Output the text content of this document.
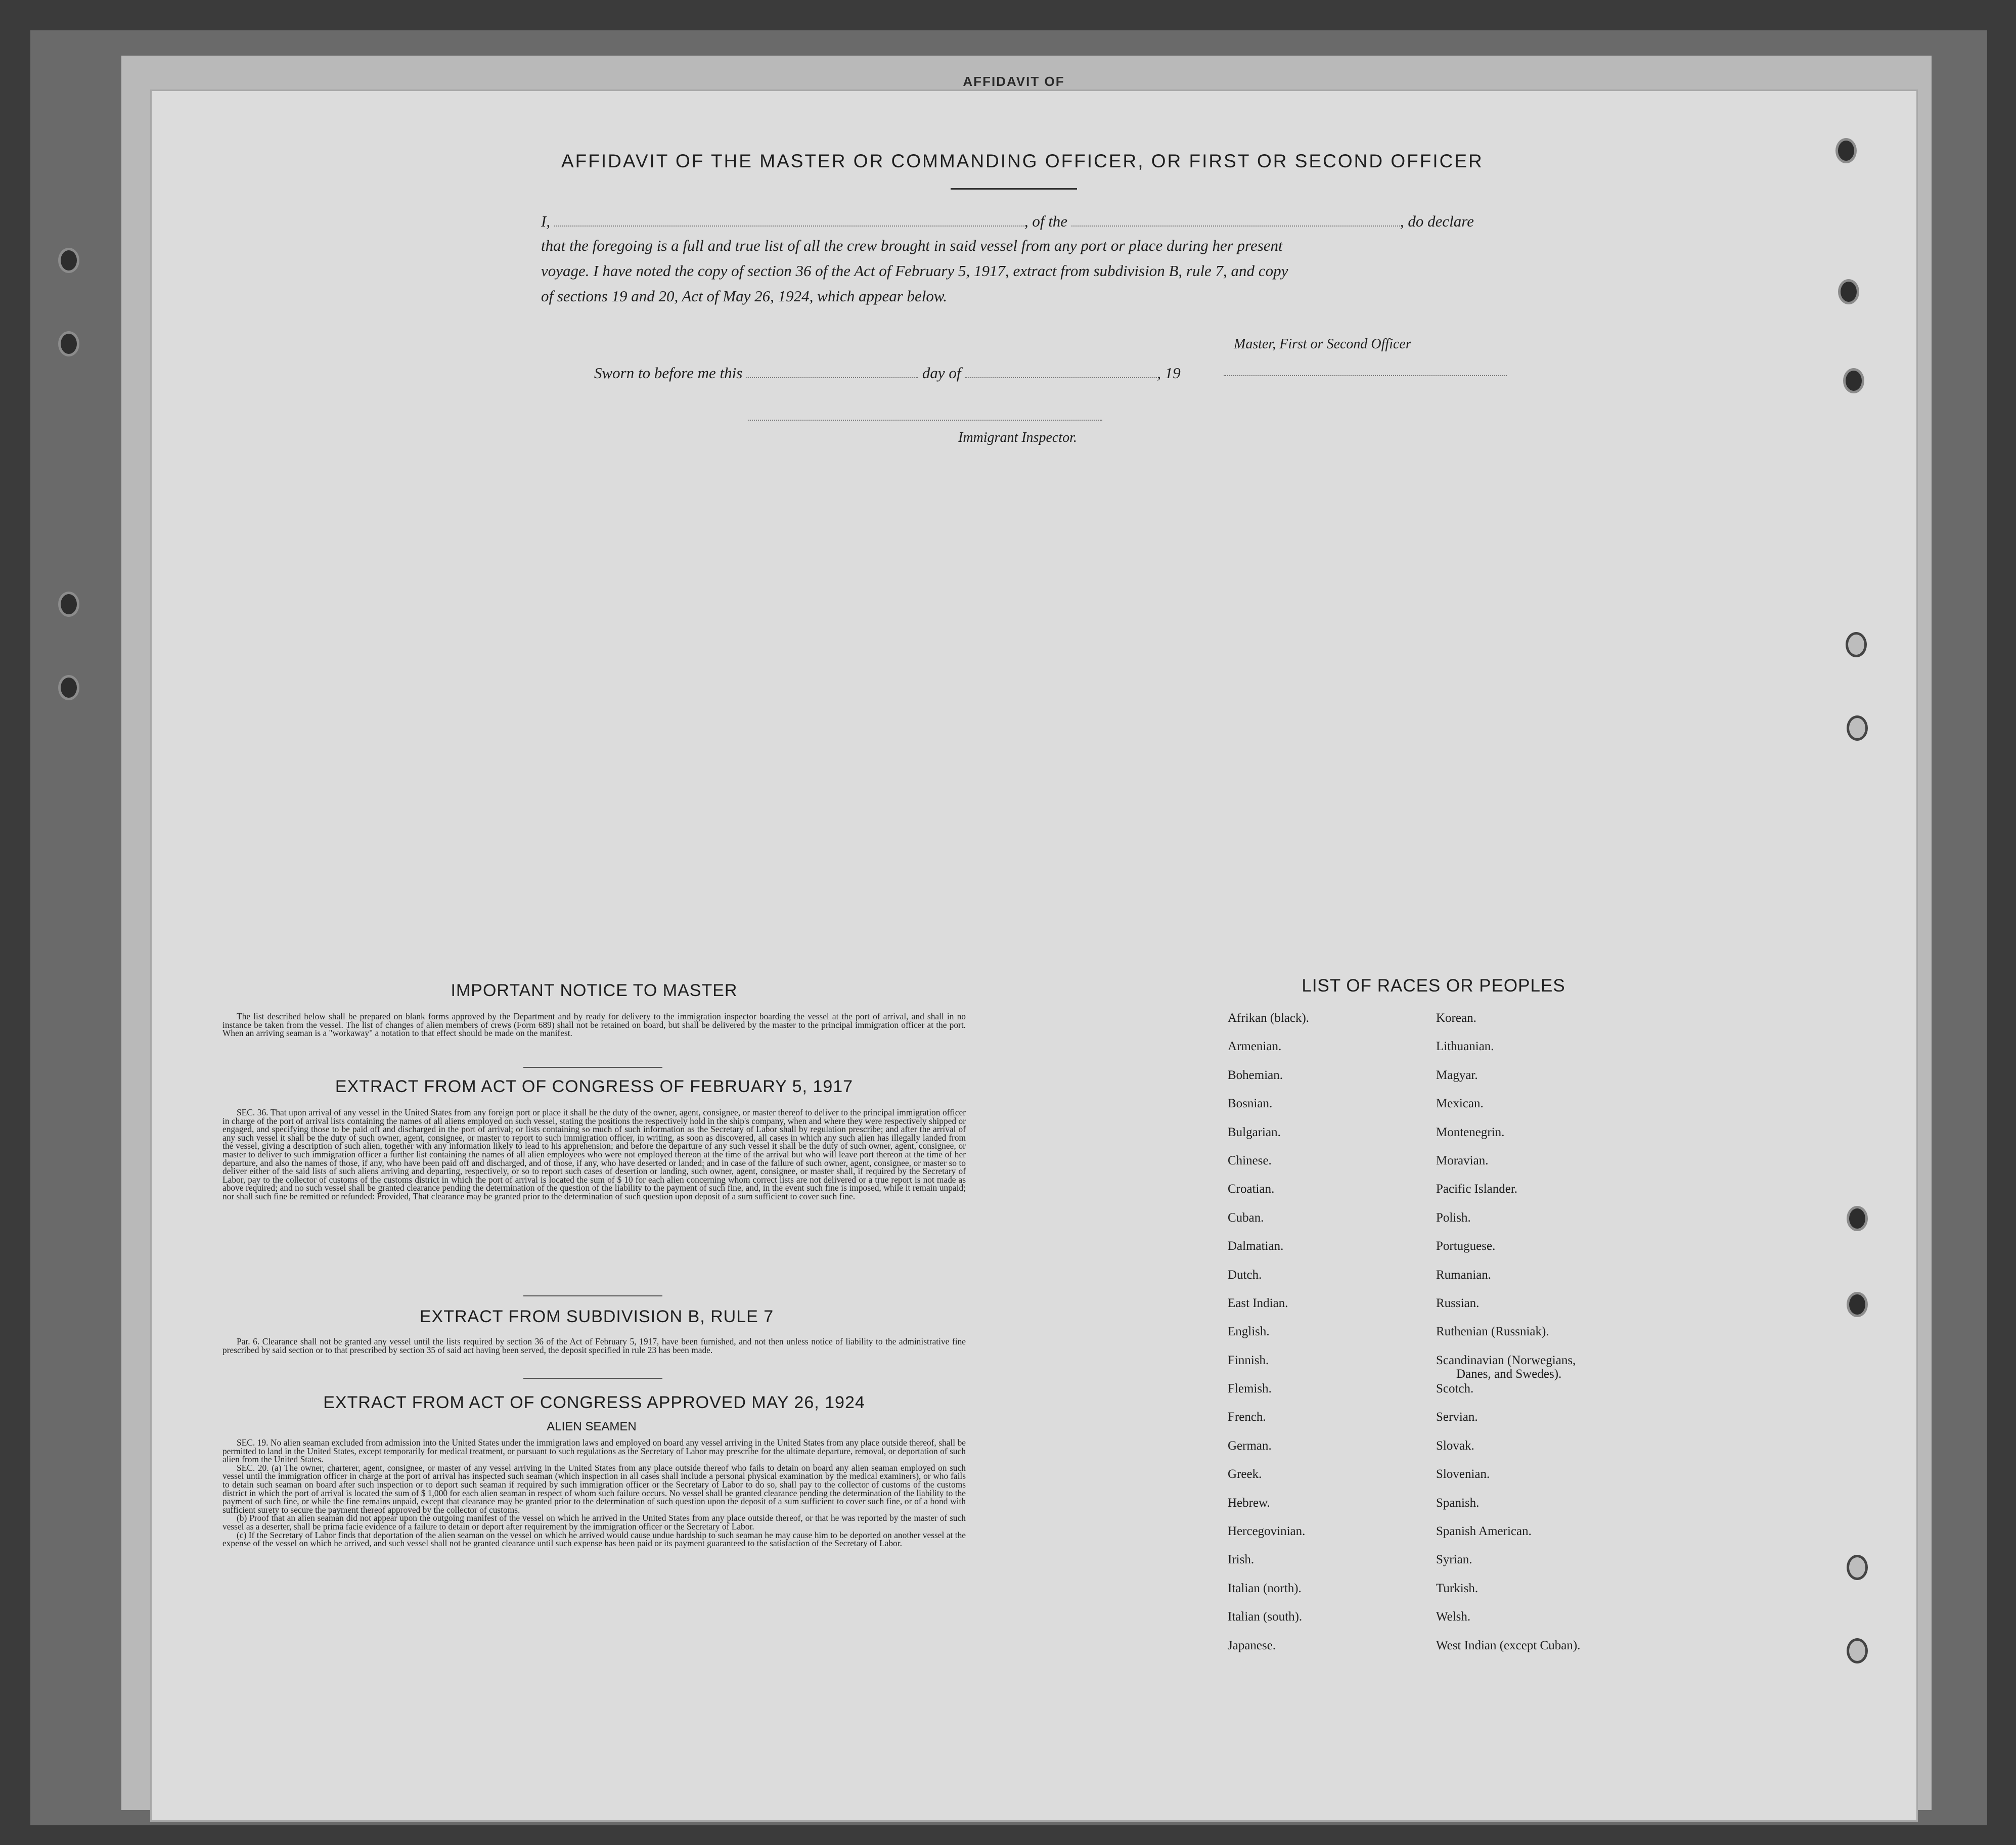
AFFIDAVIT OF
AFFIDAVIT OF THE MASTER OR COMMANDING OFFICER, OR FIRST OR SECOND OFFICER
I,	, of the	, do declare
that the foregoing is a full and true list of all the crew brought in said vessel from any port or place during her present
voyage. I have noted the copy of section 36 of the Act of February 5, 1917, extract from subdivision B, rule 7, and copy
of sections 19 and 20, Act of May 26, 1924, which appear below.
Master, First or Second Officer
Sworn to before me this	day of	, 19
Immigrant Inspector.
IMPORTANT NOTICE TO MASTER

The list described below shall be prepared on blank forms approved by the Department and by ready for delivery to the immigration inspector boarding the vessel at the port of arrival, and shall in no instance be taken from the vessel. The list of changes of alien members of crews (Form 689) shall not be retained on board, but shall be delivered by the master to the principal immigration officer at the port. When an arriving seaman is a "workaway" a notation to that effect should be made on the manifest.

EXTRACT FROM ACT OF CONGRESS OF FEBRUARY 5, 1917

SEC. 36. That upon arrival of any vessel in the United States from any foreign port or place it shall be the duty of the owner, agent, consignee, or master thereof to deliver to the principal immigration officer in charge of the port of arrival lists containing the names of all aliens employed on such vessel, stating the positions the respectively hold in the ship's company, when and where they were respectively shipped or engaged, and specifying those to be paid off and discharged in the port of arrival; or lists containing so much of such information as the Secretary of Labor shall by regulation prescribe; and after the arrival of any such vessel it shall be the duty of such owner, agent, consignee, or master to report to such immigration officer, in writing, as soon as discovered, all cases in which any such alien has illegally landed from the vessel, giving a description of such alien, together with any information likely to lead to his apprehension; and before the departure of any such vessel it shall be the duty of such owner, agent, consignee, or master to deliver to such immigration officer a further list containing the names of all alien employees who were not employed thereon at the time of the arrival but who will leave port thereon at the time of her departure, and also the names of those, if any, who have been paid off and discharged, and of those, if any, who have deserted or landed; and in case of the failure of such owner, agent, consignee, or master so to deliver either of the said lists of such aliens arriving and departing, respectively, or so to report such cases of desertion or landing, such owner, agent, consignee, or master shall, if required by the Secretary of Labor, pay to the collector of customs of the customs district in which the port of arrival is located the sum of $ 10 for each alien concerning whom correct lists are not delivered or a true report is not made as above required; and no such vessel shall be granted clearance pending the determination of the question of the liability to the payment of such fine, and, in the event such fine is imposed, while it remain unpaid; nor shall such fine be remitted or refunded: Provided, That clearance may be granted prior to the determination of such question upon deposit of a sum sufficient to cover such fine.

EXTRACT FROM SUBDIVISION B, RULE 7

Par. 6. Clearance shall not be granted any vessel until the lists required by section 36 of the Act of February 5, 1917, have been furnished, and not then unless notice of liability to the administrative fine prescribed by said section or to that prescribed by section 35 of said act having been served, the deposit specified in rule 23 has been made.

EXTRACT FROM ACT OF CONGRESS APPROVED MAY 26, 1924
ALIEN SEAMEN

SEC. 19. No alien seaman excluded from admission into the United States under the immigration laws and employed on board any vessel arriving in the United States from any place outside thereof, shall be permitted to land in the United States, except temporarily for medical treatment, or pursuant to such regulations as the Secretary of Labor may prescribe for the ultimate departure, removal, or deportation of such alien from the United States.

SEC. 20. (a) The owner, charterer, agent, consignee, or master of any vessel arriving in the United States from any place outside thereof who fails to detain on board any alien seaman employed on such vessel until the immigration officer in charge at the port of arrival has inspected such seaman (which inspection in all cases shall include a personal physical examination by the medical examiners), or who fails to detain such seaman on board after such inspection or to deport such seaman if required by such immigration officer or the Secretary of Labor to do so, shall pay to the collector of customs of the customs district in which the port of arrival is located the sum of $ 1,000 for each alien seaman in respect of whom such failure occurs. No vessel shall be granted clearance pending the determination of the liability to the payment of such fine, or while the fine remains unpaid, except that clearance may be granted prior to the determination of such question upon the deposit of a sum sufficient to cover such fine, or of a bond with sufficient surety to secure the payment thereof approved by the collector of customs.

(b) Proof that an alien seaman did not appear upon the outgoing manifest of the vessel on which he arrived in the United States from any place outside thereof, or that he was reported by the master of such vessel as a deserter, shall be prima facie evidence of a failure to detain or deport after requirement by the immigration officer or the Secretary of Labor.

(c) If the Secretary of Labor finds that deportation of the alien seaman on the vessel on which he arrived would cause undue hardship to such seaman he may cause him to be deported on another vessel at the expense of the vessel on which he arrived, and such vessel shall not be granted clearance until such expense has been paid or its payment guaranteed to the satisfaction of the Secretary of Labor.

LIST OF RACES OR PEOPLES
Afrikan (black).
Armenian.
Bohemian.
Bosnian.
Bulgarian.
Chinese.
Croatian.
Cuban.
Dalmatian.
Dutch.
East Indian.
English.
Finnish.
Flemish.
French.
German.
Greek.
Hebrew.
Hercegovinian.
Irish.
Italian (north).
Italian (south).
Japanese.
Korean.
Lithuanian.
Magyar.
Mexican.
Montenegrin.
Moravian.
Pacific Islander.
Polish.
Portuguese.
Rumanian.
Russian.
Ruthenian (Russniak).
Scandinavian (Norwegians,
Danes, and Swedes).
Scotch.
Servian.
Slovak.
Slovenian.
Spanish.
Spanish American.
Syrian.
Turkish.
Welsh.
West Indian (except Cuban).
